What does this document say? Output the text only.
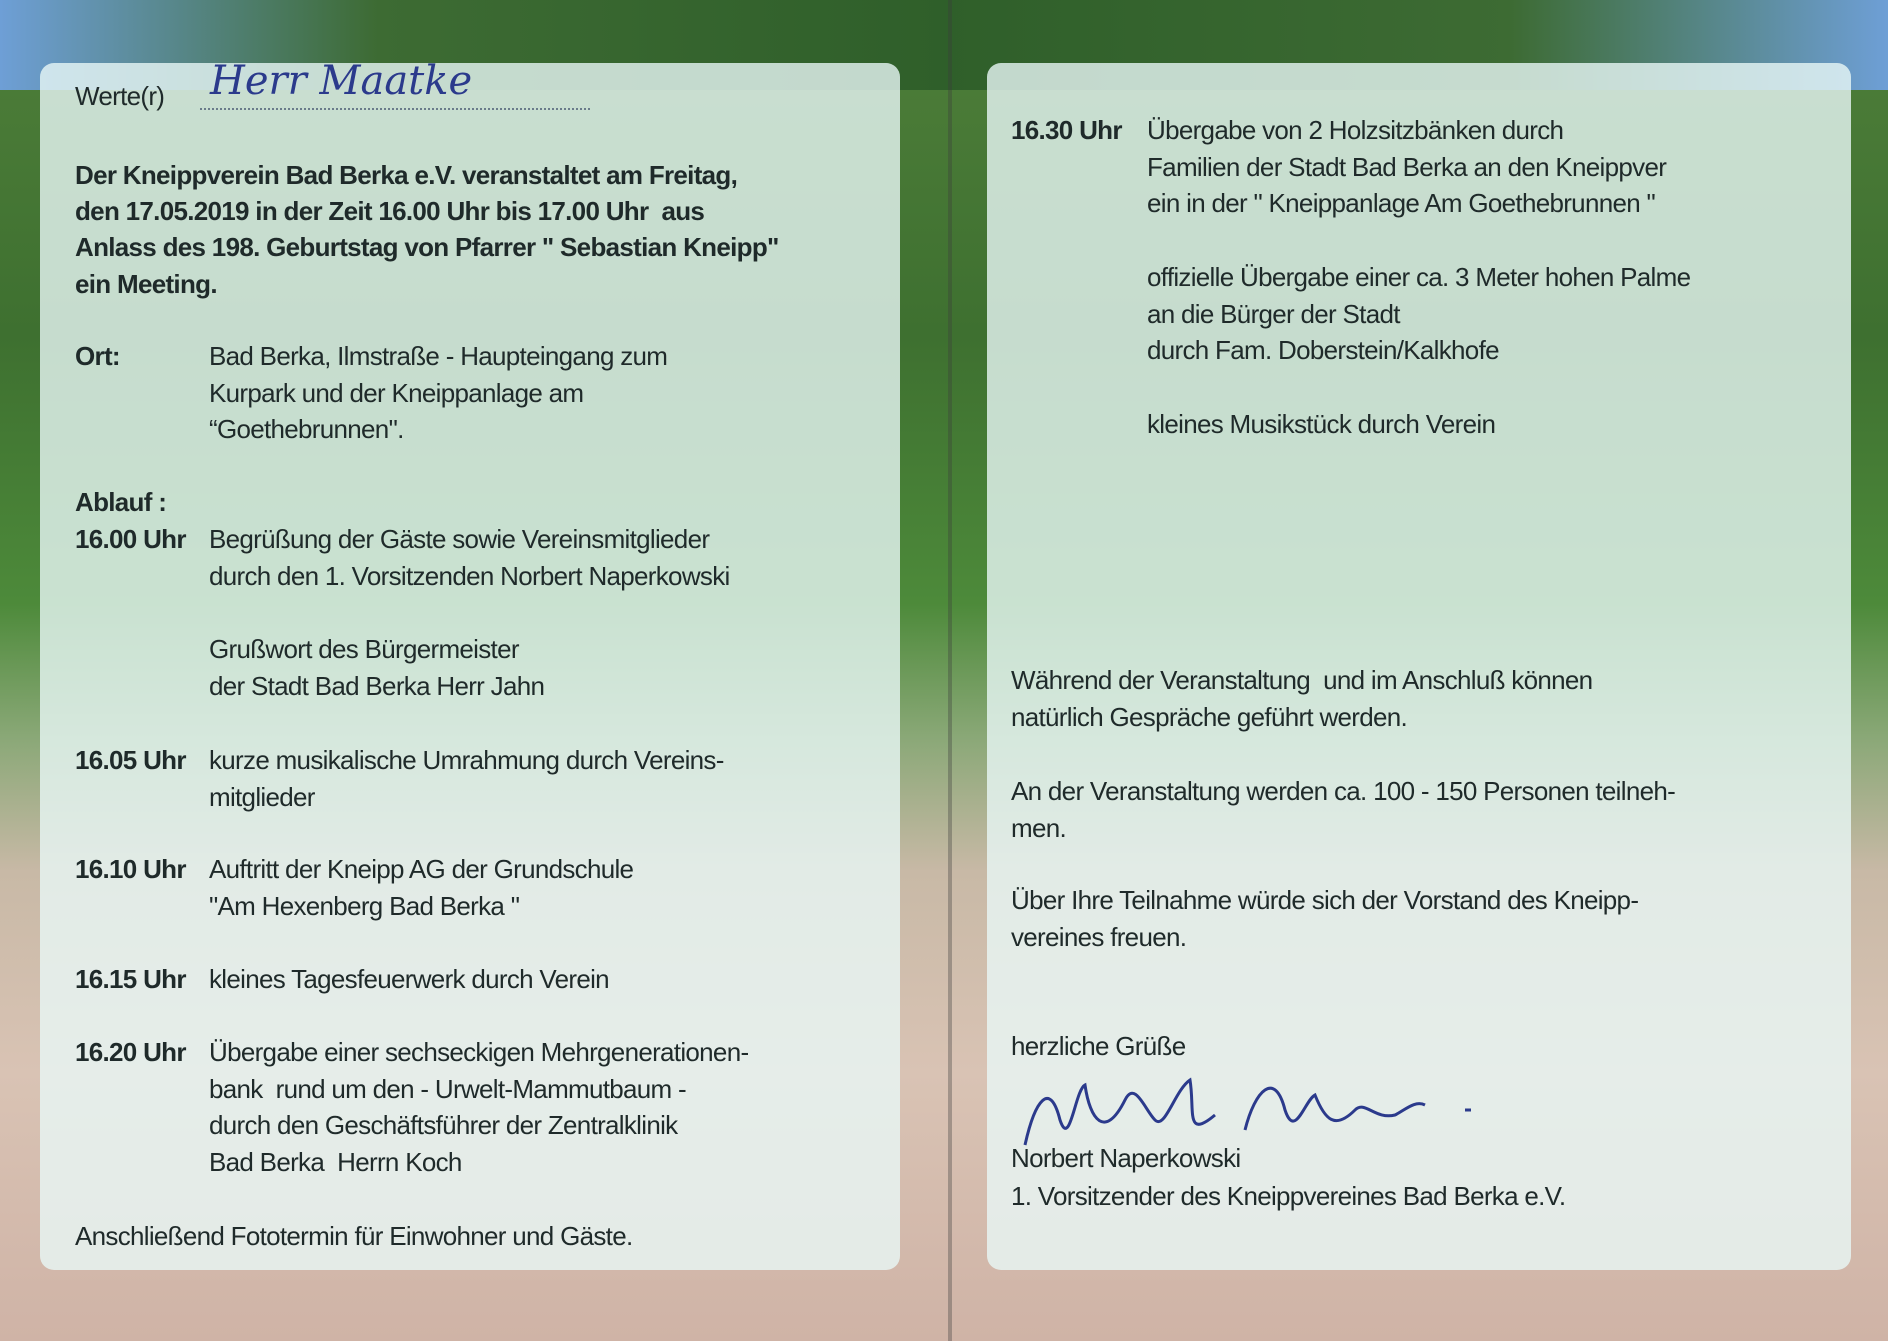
Werte(r) Herr Maatke
Der Kneippverein Bad Berka e.V. veranstaltet am Freitag,
den 17.05.2019 in der Zeit 16.00 Uhr bis 17.00 Uhr  aus
Anlass des 198. Geburtstag von Pfarrer " Sebastian Kneipp"
ein Meeting.
Ort:	Bad Berka, Ilmstraße - Haupteingang zum
Kurpark und der Kneippanlage am
“Goethebrunnen".
Ablauf :
16.00 Uhr Begrüßung der Gäste sowie Vereinsmitglieder
durch den 1. Vorsitzenden Norbert Naperkowski
Grußwort des Bürgermeister
der Stadt Bad Berka Herr Jahn
16.05 Uhr kurze musikalische Umrahmung durch Vereins-
mitglieder
16.10 Uhr Auftritt der Kneipp AG der Grundschule
"Am Hexenberg Bad Berka "
16.15 Uhr kleines Tagesfeuerwerk durch Verein
16.20 Uhr Übergabe einer sechseckigen Mehrgenerationen-
bank  rund um den - Urwelt-Mammutbaum -
durch den Geschäftsführer der Zentralklinik
Bad Berka  Herrn Koch
Anschließend Fototermin für Einwohner und Gäste.
16.30 Uhr Übergabe von 2 Holzsitzbänken durch
Familien der Stadt Bad Berka an den Kneippver
ein in der " Kneippanlage Am Goethebrunnen "
offizielle Übergabe einer ca. 3 Meter hohen Palme
an die Bürger der Stadt
durch Fam. Doberstein/Kalkhofe
kleines Musikstück durch Verein
Während der Veranstaltung  und im Anschluß können
natürlich Gespräche geführt werden.
An der Veranstaltung werden ca. 100 - 150 Personen teilneh-
men.
Über Ihre Teilnahme würde sich der Vorstand des Kneipp-
vereines freuen.
herzliche Grüße
Norbert Naperkowski
1. Vorsitzender des Kneippvereines Bad Berka e.V.
